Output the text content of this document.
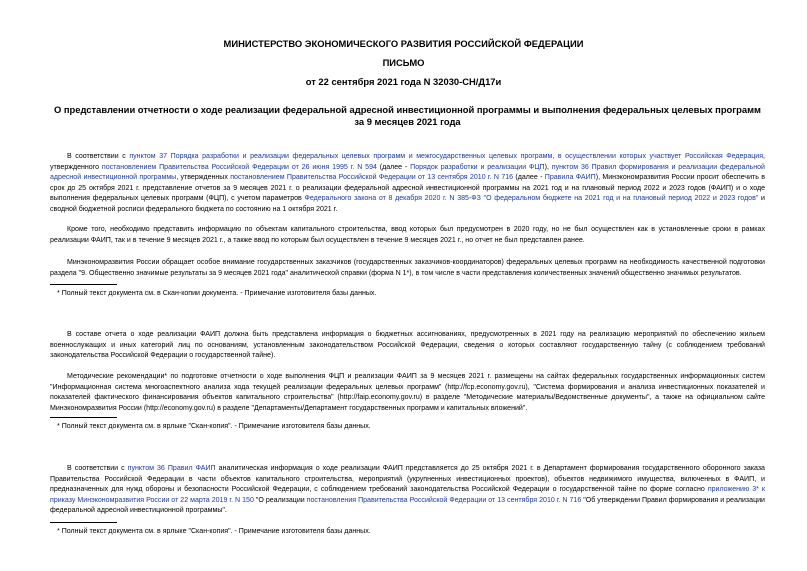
МИНИСТЕРСТВО ЭКОНОМИЧЕСКОГО РАЗВИТИЯ РОССИЙСКОЙ ФЕДЕРАЦИИ
ПИСЬМО
от 22 сентября 2021 года N 32030-СН/Д17и
О представлении отчетности о ходе реализации федеральной адресной инвестиционной программы и выполнения федеральных целевых программ за 9 месяцев 2021 года

В соответствии с пунктом 37 Порядка разработки и реализации федеральных целевых программ и межгосударственных целевых программ, в осуществлении которых участвует Российская Федерация, утвержденного постановлением Правительства Российской Федерации от 26 июня 1995 г. N 594 (далее - Порядок разработки и реализации ФЦП), пунктом 36 Правил формирования и реализации федеральной адресной инвестиционной программы, утвержденных постановлением Правительства Российской Федерации от 13 сентября 2010 г. N 716 (далее - Правила ФАИП), Минэкономразвития России просит обеспечить в срок до 25 октября 2021 г. представление отчетов за 9 месяцев 2021 г. о реализации федеральной адресной инвестиционной программы на 2021 год и на плановый период 2022 и 2023 годов (ФАИП) и о ходе выполнения федеральных целевых программ (ФЦП), с учетом параметров Федерального закона от 8 декабря 2020 г. N 385-ФЗ "О федеральном бюджете на 2021 год и на плановый период 2022 и 2023 годов" и сводной бюджетной росписи федерального бюджета по состоянию на 1 октября 2021 г.

Кроме того, необходимо представить информацию по объектам капитального строительства, ввод которых был предусмотрен в 2020 году, но не был осуществлен как в установленные сроки в рамках реализации ФАИП, так и в течение 9 месяцев 2021 г., а также ввод по которым был осуществлен в течение 9 месяцев 2021 г., но отчет не был представлен ранее.

Минэкономразвития России обращает особое внимание государственных заказчиков (государственных заказчиков-координаторов) федеральных целевых программ на необходимость качественной подготовки раздела "9. Общественно значимые результаты за 9 месяцев 2021 года" аналитической справки (форма N 1*), в том числе в части представления количественных значений общественно значимых результатов.

* Полный текст документа см. в Скан-копии документа. - Примечание изготовителя базы данных.

В составе отчета о ходе реализации ФАИП должна быть представлена информация о бюджетных ассигнованиях, предусмотренных в 2021 году на реализацию мероприятий по обеспечению жильем военнослужащих и иных категорий лиц по основаниям, установленным законодательством Российской Федерации, сведения о которых составляют государственную тайну (с соблюдением требований законодательства Российской Федерации о государственной тайне).

Методические рекомендации* по подготовке отчетности о ходе выполнения ФЦП и реализации ФАИП за 9 месяцев 2021 г. размещены на сайтах федеральных государственных информационных систем "Информационная система многоаспектного анализа хода текущей реализации федеральных целевых программ" (http://fcp.economy.gov.ru), "Система формирования и анализа инвестиционных показателей и показателей фактического финансирования объектов капитального строительства" (http://faip.economy.gov.ru) в разделе "Методические материалы/Ведомственные документы", а также на официальном сайте Минэкономразвития России (http://economy.gov.ru) в разделе "Департаменты/Департамент государственных программ и капитальных вложений".

* Полный текст документа см. в ярлыке "Скан-копия". - Примечание изготовителя базы данных.

В соответствии с пунктом 36 Правил ФАИП аналитическая информация о ходе реализации ФАИП представляется до 25 октября 2021 г. в Департамент формирования государственного оборонного заказа Правительства Российской Федерации в части объектов капитального строительства, мероприятий (укрупненных инвестиционных проектов), объектов недвижимого имущества, включенных в ФАИП, и предназначенных для нужд обороны и безопасности Российской Федерации, с соблюдением требований законодательства Российской Федерации о государственной тайне по форме согласно приложению 3* к приказу Минэкономразвития России от 22 марта 2019 г. N 150 "О реализации постановления Правительства Российской Федерации от 13 сентября 2010 г. N 716 "Об утверждении Правил формирования и реализации федеральной адресной инвестиционной программы".

* Полный текст документа см. в ярлыке "Скан-копия". - Примечание изготовителя базы данных.
